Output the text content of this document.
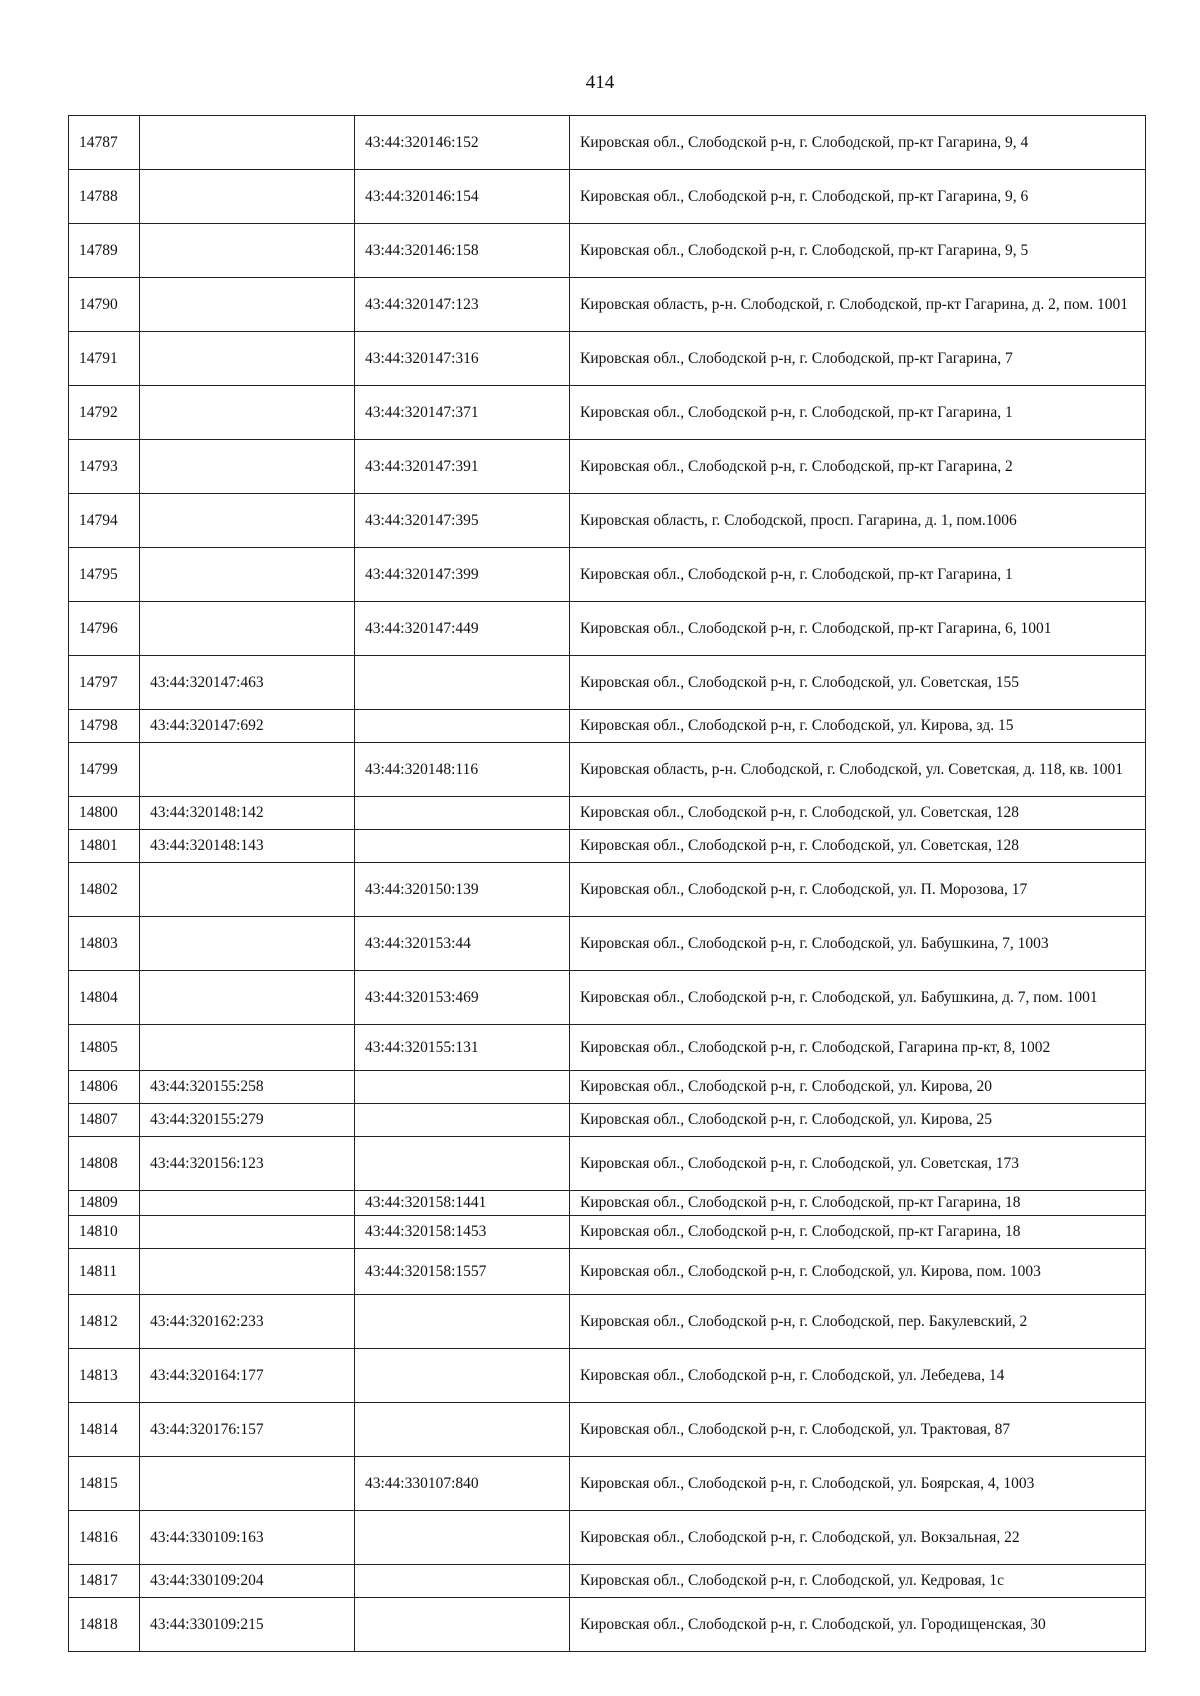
414
14787		43:44:320146:152	Кировская обл., Слободской р-н, г. Слободской, пр-кт Гагарина, 9, 4
14788		43:44:320146:154	Кировская обл., Слободской р-н, г. Слободской, пр-кт Гагарина, 9, 6
14789		43:44:320146:158	Кировская обл., Слободской р-н, г. Слободской, пр-кт Гагарина, 9, 5
14790		43:44:320147:123	Кировская область, р-н. Слободской, г. Слободской, пр-кт Гагарина, д. 2, пом. 1001
14791		43:44:320147:316	Кировская обл., Слободской р-н, г. Слободской, пр-кт Гагарина, 7
14792		43:44:320147:371	Кировская обл., Слободской р-н, г. Слободской, пр-кт Гагарина, 1
14793		43:44:320147:391	Кировская обл., Слободской р-н, г. Слободской, пр-кт Гагарина, 2
14794		43:44:320147:395	Кировская область, г. Слободской, просп. Гагарина, д. 1, пом.1006
14795		43:44:320147:399	Кировская обл., Слободской р-н, г. Слободской, пр-кт Гагарина, 1
14796		43:44:320147:449	Кировская обл., Слободской р-н, г. Слободской, пр-кт Гагарина, 6, 1001
14797	43:44:320147:463		Кировская обл., Слободской р-н, г. Слободской, ул. Советская, 155
14798	43:44:320147:692		Кировская обл., Слободской р-н, г. Слободской, ул. Кирова, зд. 15
14799		43:44:320148:116	Кировская область, р-н. Слободской, г. Слободской, ул. Советская, д. 118, кв. 1001
14800	43:44:320148:142		Кировская обл., Слободской р-н, г. Слободской, ул. Советская, 128
14801	43:44:320148:143		Кировская обл., Слободской р-н, г. Слободской, ул. Советская, 128
14802		43:44:320150:139	Кировская обл., Слободской р-н, г. Слободской, ул. П. Морозова, 17
14803		43:44:320153:44	Кировская обл., Слободской р-н, г. Слободской, ул. Бабушкина, 7, 1003
14804		43:44:320153:469	Кировская обл., Слободской р-н, г. Слободской, ул. Бабушкина, д. 7, пом. 1001
14805		43:44:320155:131	Кировская обл., Слободской р-н, г. Слободской, Гагарина пр-кт, 8, 1002
14806	43:44:320155:258		Кировская обл., Слободской р-н, г. Слободской, ул. Кирова, 20
14807	43:44:320155:279		Кировская обл., Слободской р-н, г. Слободской, ул. Кирова, 25
14808	43:44:320156:123		Кировская обл., Слободской р-н, г. Слободской, ул. Советская, 173
14809		43:44:320158:1441	Кировская обл., Слободской р-н, г. Слободской, пр-кт Гагарина, 18
14810		43:44:320158:1453	Кировская обл., Слободской р-н, г. Слободской, пр-кт Гагарина, 18
14811		43:44:320158:1557	Кировская обл., Слободской р-н, г. Слободской, ул. Кирова, пом. 1003
14812	43:44:320162:233		Кировская обл., Слободской р-н, г. Слободской, пер. Бакулевский, 2
14813	43:44:320164:177		Кировская обл., Слободской р-н, г. Слободской, ул. Лебедева, 14
14814	43:44:320176:157		Кировская обл., Слободской р-н, г. Слободской, ул. Трактовая, 87
14815		43:44:330107:840	Кировская обл., Слободской р-н, г. Слободской, ул. Боярская, 4, 1003
14816	43:44:330109:163		Кировская обл., Слободской р-н, г. Слободской, ул. Вокзальная, 22
14817	43:44:330109:204		Кировская обл., Слободской р-н, г. Слободской, ул. Кедровая, 1с
14818	43:44:330109:215		Кировская обл., Слободской р-н, г. Слободской, ул. Городищенская, 30
